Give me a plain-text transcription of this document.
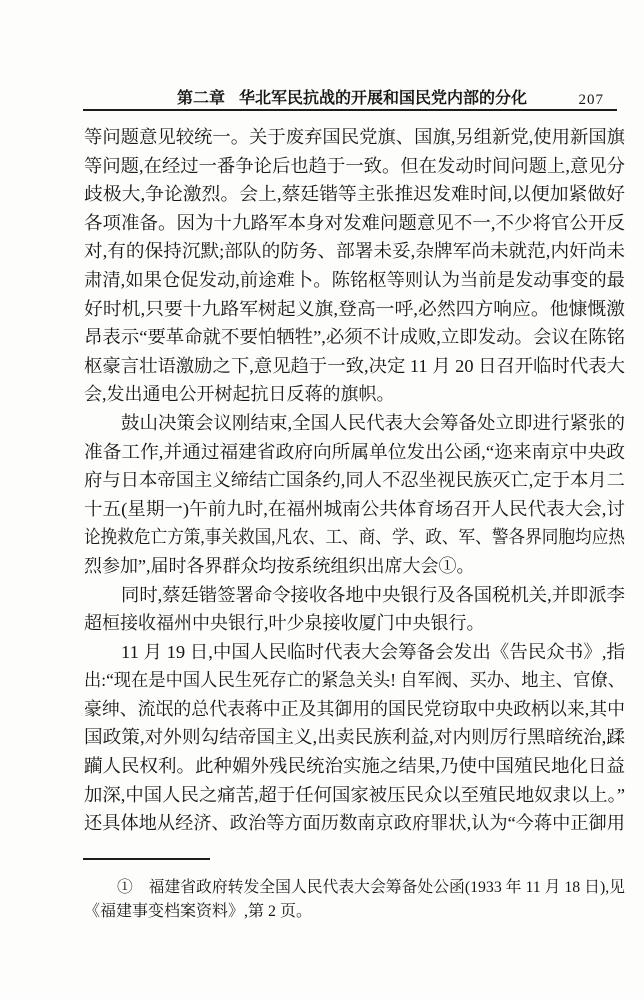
第二章 华北军民抗战的开展和国民党内部的分化	207
等问题意见较统一。关于废弃国民党旗、国旗,另组新党,使用新国旗
等问题,在经过一番争论后也趋于一致。但在发动时间问题上,意见分
歧极大,争论激烈。会上,蔡廷锴等主张推迟发难时间,以便加紧做好
各项准备。因为十九路军本身对发难问题意见不一,不少将官公开反
对,有的保持沉默;部队的防务、部署未妥,杂牌军尚未就范,内奸尚未
肃清,如果仓促发动,前途难卜。陈铭枢等则认为当前是发动事变的最
好时机,只要十九路军树起义旗,登高一呼,必然四方响应。他慷慨激
昂表示“要革命就不要怕牺牲”,必须不计成败,立即发动。会议在陈铭
枢豪言壮语激励之下,意见趋于一致,决定 11 月 20 日召开临时代表大
会,发出通电公开树起抗日反蒋的旗帜。
鼓山决策会议刚结束,全国人民代表大会筹备处立即进行紧张的
准备工作,并通过福建省政府向所属单位发出公函,“迩来南京中央政
府与日本帝国主义缔结亡国条约,同人不忍坐视民族灭亡,定于本月二
十五(星期一)午前九时,在福州城南公共体育场召开人民代表大会,讨
论挽救危亡方策,事关救国,凡农、工、商、学、政、军、警各界同胞均应热
烈参加”,届时各界群众均按系统组织出席大会①。
同时,蔡廷锴签署命令接收各地中央银行及各国税机关,并即派李
超桓接收福州中央银行,叶少泉接收厦门中央银行。
11 月 19 日,中国人民临时代表大会筹备会发出《告民众书》,指
出:“现在是中国人民生死存亡的紧急关头! 自军阀、买办、地主、官僚、
豪绅、流氓的总代表蒋中正及其御用的国民党窃取中央政柄以来,其中
国政策,对外则勾结帝国主义,出卖民族利益,对内则厉行黑暗统治,蹂
躏人民权利。此种媚外残民统治实施之结果,乃使中国殖民地化日益
加深,中国人民之痛苦,超于任何国家被压民众以至殖民地奴隶以上。”
还具体地从经济、政治等方面历数南京政府罪状,认为“今蒋中正御用
①　福建省政府转发全国人民代表大会筹备处公函(1933 年 11 月 18 日),见
《福建事变档案资料》,第 2 页。
